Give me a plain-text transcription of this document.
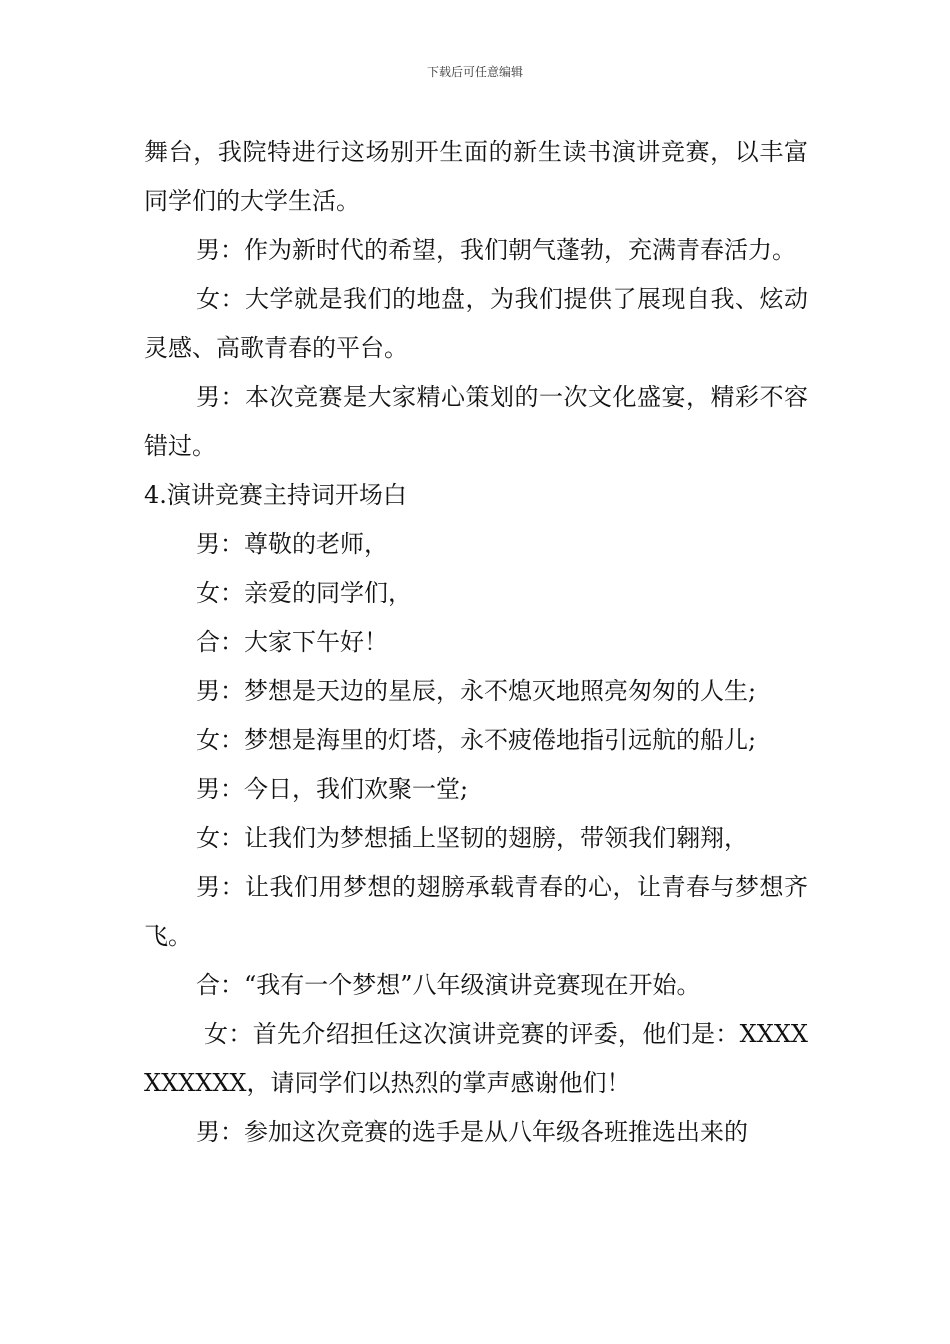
下载后可任意编辑

舞台，我院特进行这场别开生面的新生读书演讲竞赛，以丰富同学们的大学生活。

男：作为新时代的希望，我们朝气蓬勃，充满青春活力。

女：大学就是我们的地盘，为我们提供了展现自我、炫动灵感、高歌青春的平台。

男：本次竞赛是大家精心策划的一次文化盛宴，精彩不容错过。

4.演讲竞赛主持词开场白

男：尊敬的老师，

女：亲爱的同学们，

合：大家下午好！

男：梦想是天边的星辰，永不熄灭地照亮匆匆的人生;

女：梦想是海里的灯塔，永不疲倦地指引远航的船儿;

男：今日，我们欢聚一堂;

女：让我们为梦想插上坚韧的翅膀，带领我们翱翔，

男：让我们用梦想的翅膀承载青春的心，让青春与梦想齐飞。

合：“我有一个梦想”八年级演讲竞赛现在开始。

女：首先介绍担任这次演讲竞赛的评委，他们是：XXXXXXXXXX，请同学们以热烈的掌声感谢他们！

男：参加这次竞赛的选手是从八年级各班推选出来的
